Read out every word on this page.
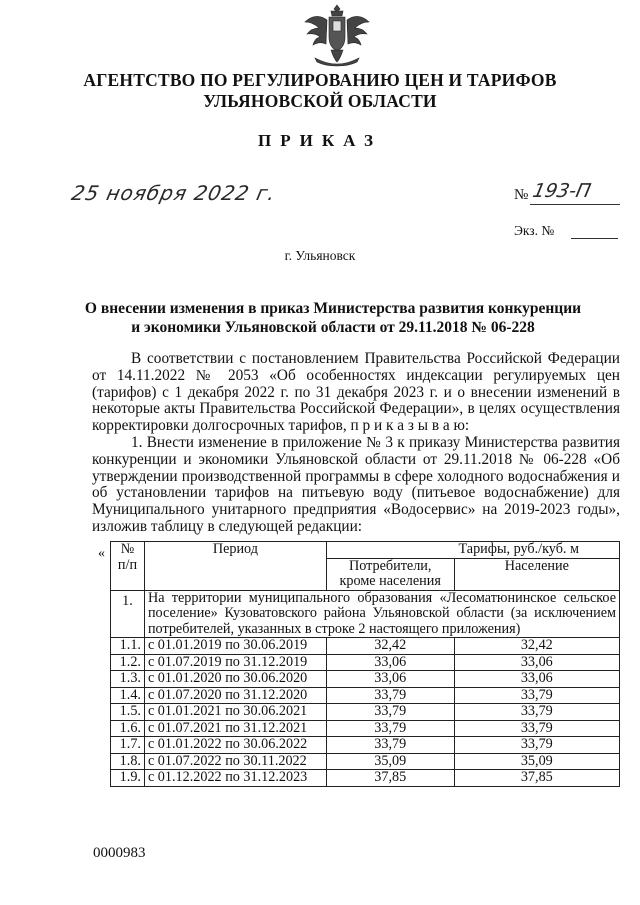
АГЕНТСТВО ПО РЕГУЛИРОВАНИЮ ЦЕН И ТАРИФОВ
УЛЬЯНОВСКОЙ ОБЛАСТИ
ПРИКАЗ
25 ноября 2022 г.	№ 193-П
Экз. №
г. Ульяновск
О внесении изменения в приказ Министерства развития конкуренции
и экономики Ульяновской области от 29.11.2018 № 06-228
В соответствии с постановлением Правительства Российской Федерации от 14.11.2022 № 2053 «Об особенностях индексации регулируемых цен (тарифов) с 1 декабря 2022 г. по 31 декабря 2023 г. и о внесении изменений в некоторые акты Правительства Российской Федерации», в целях осуществления корректировки долгосрочных тарифов, п р и к а з ы в а ю:
1. Внести изменение в приложение № 3 к приказу Министерства развития конкуренции и экономики Ульяновской области от 29.11.2018 № 06-228 «Об утверждении производственной программы в сфере холодного водоснабжения и об установлении тарифов на питьевую воду (питьевое водоснабжение) для Муниципального унитарного предприятия «Водосервис» на 2019-2023 годы», изложив таблицу в следующей редакции:
« № п/п	Период	Тарифы, руб./куб. м	
		Потребители, кроме населения	Население
1.	На территории муниципального образования «Лесоматюнинское сельское поселение» Кузоватовского района Ульяновской области (за исключением потребителей, указанных в строке 2 настоящего приложения)		
1.1.	с 01.01.2019 по 30.06.2019	32,42	32,42
1.2.	с 01.07.2019 по 31.12.2019	33,06	33,06
1.3.	с 01.01.2020 по 30.06.2020	33,06	33,06
1.4.	с 01.07.2020 по 31.12.2020	33,79	33,79
1.5.	с 01.01.2021 по 30.06.2021	33,79	33,79
1.6.	с 01.07.2021 по 31.12.2021	33,79	33,79
1.7.	с 01.01.2022 по 30.06.2022	33,79	33,79
1.8.	с 01.07.2022 по 30.11.2022	35,09	35,09
1.9.	с 01.12.2022 по 31.12.2023	37,85	37,85
0000983
